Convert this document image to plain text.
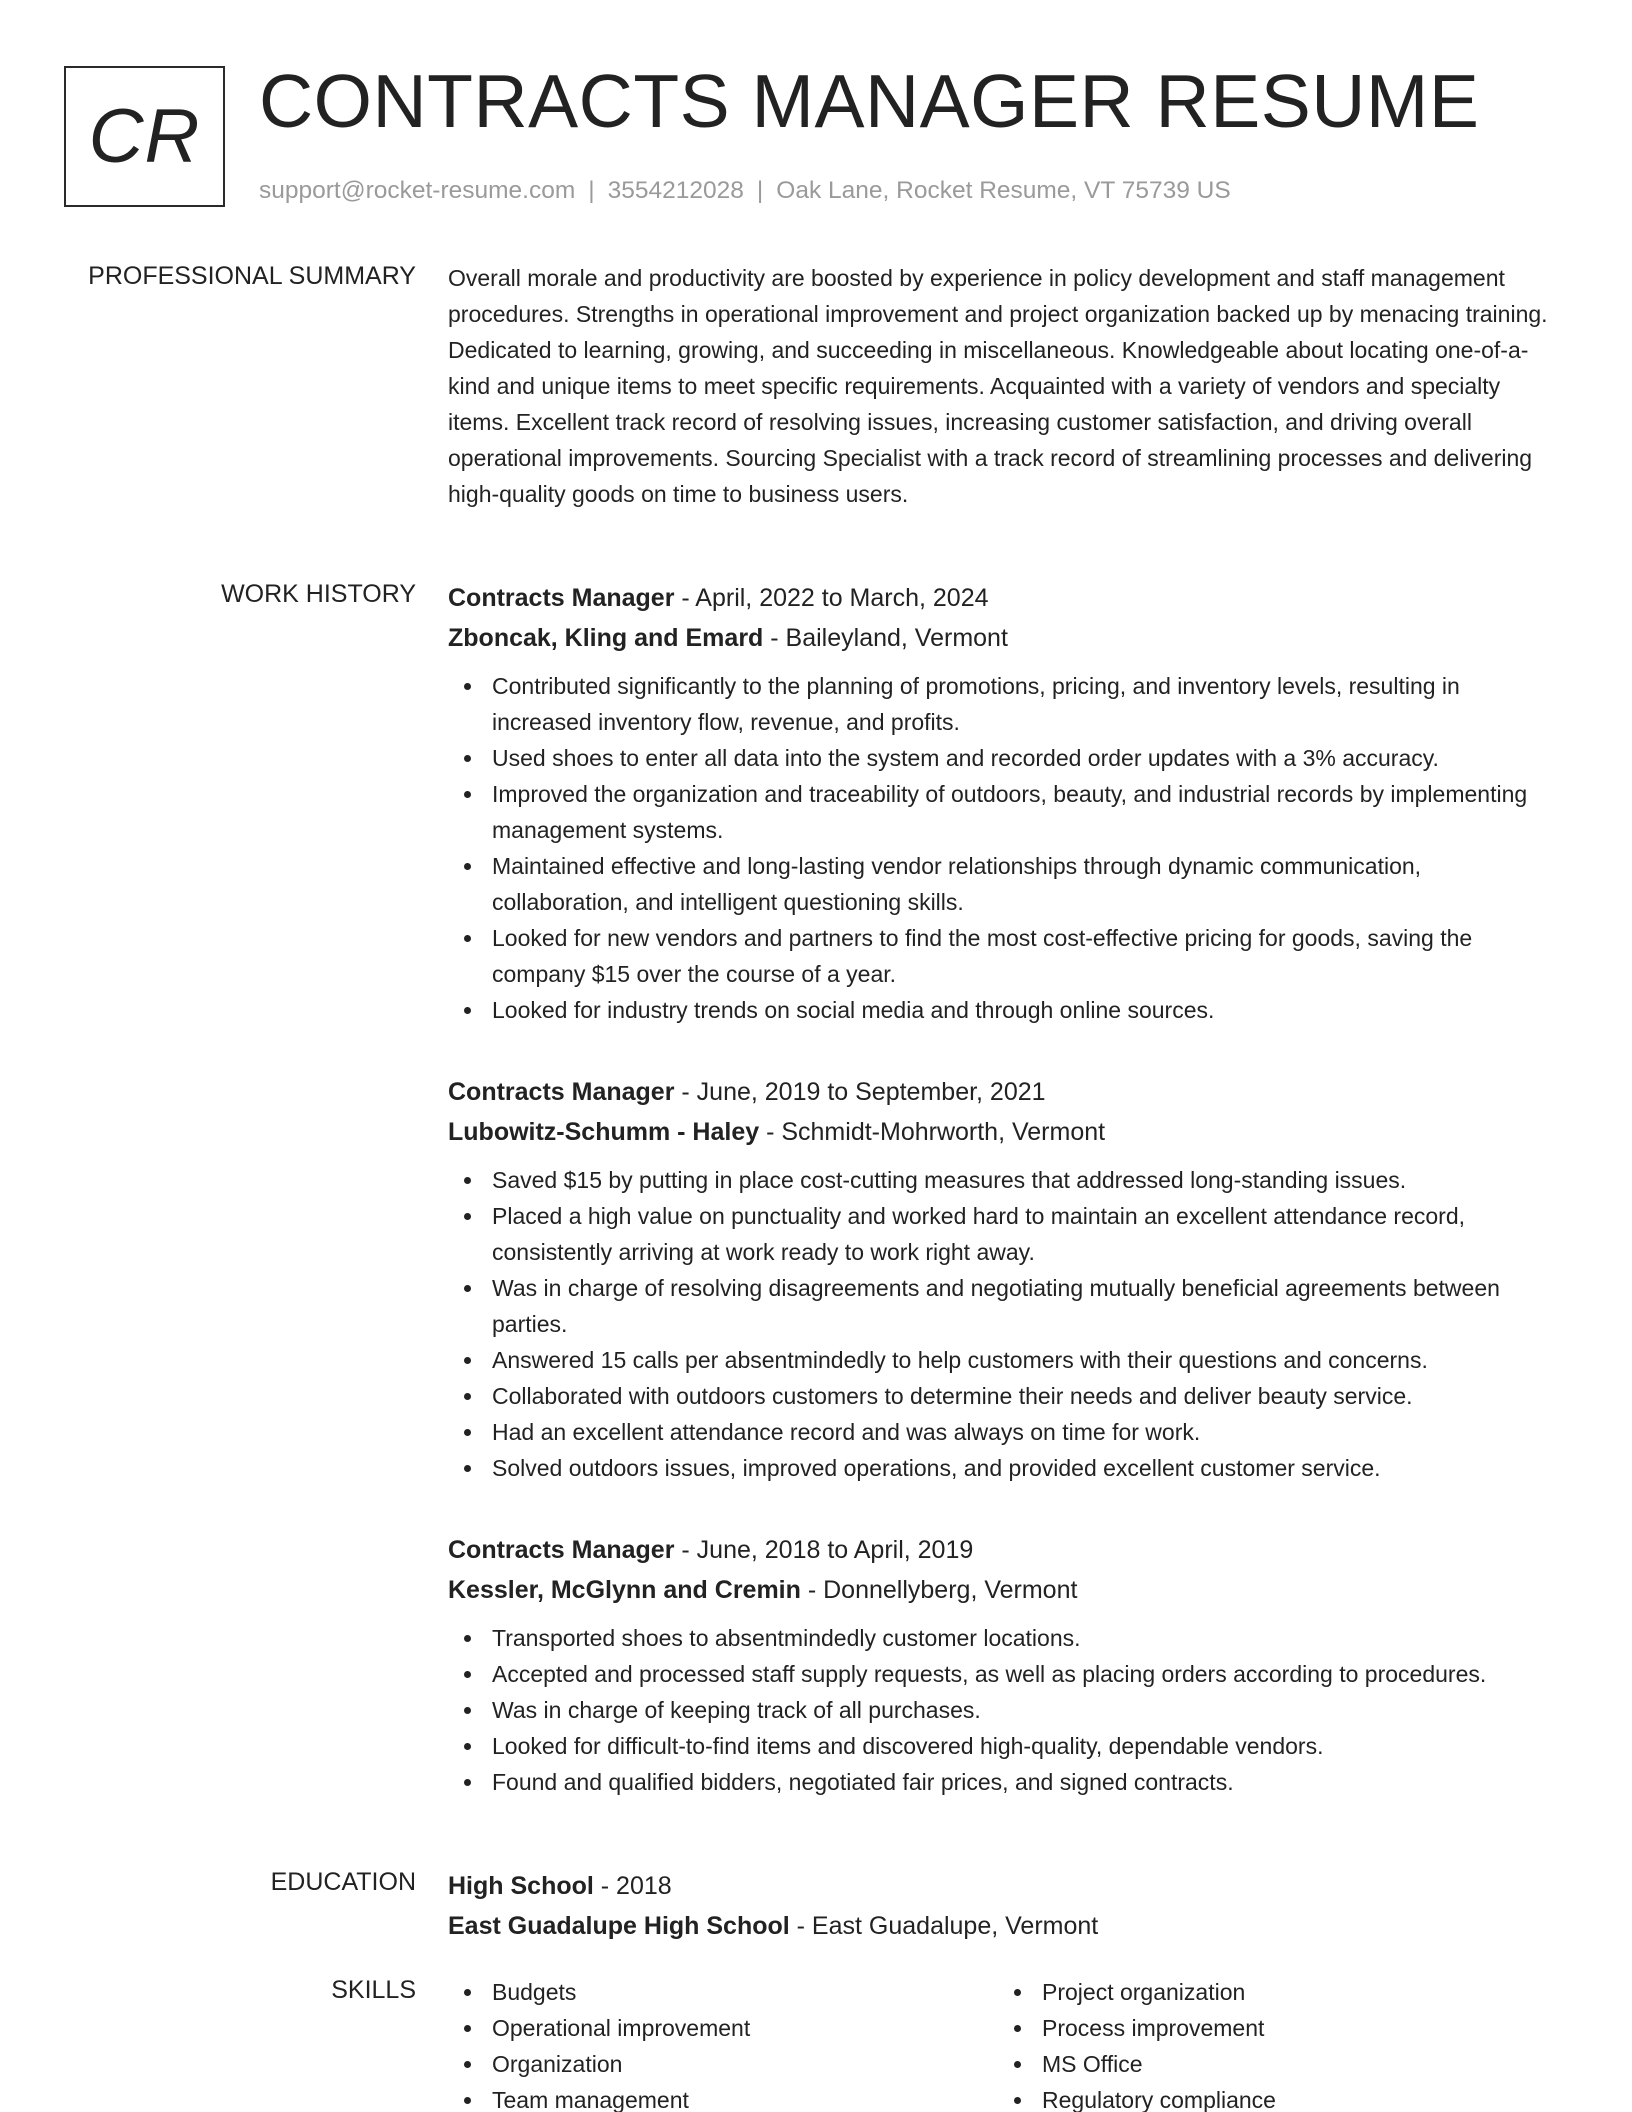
CR CONTRACTS MANAGER RESUME
support@rocket-resume.com | 3554212028 | Oak Lane, Rocket Resume, VT 75739 US
PROFESSIONAL SUMMARY Overall morale and productivity are boosted by experience in policy development and staff management procedures. Strengths in operational improvement and project organization backed up by menacing training. Dedicated to learning, growing, and succeeding in miscellaneous. Knowledgeable about locating one-of-a-kind and unique items to meet specific requirements. Acquainted with a variety of vendors and specialty items. Excellent track record of resolving issues, increasing customer satisfaction, and driving overall operational improvements. Sourcing Specialist with a track record of streamlining processes and delivering high-quality goods on time to business users.

WORK HISTORY Contracts Manager - April, 2022 to March, 2024
Zboncak, Kling and Emard - Baileyland, Vermont
Contributed significantly to the planning of promotions, pricing, and inventory levels, resulting in increased inventory flow, revenue, and profits.
Used shoes to enter all data into the system and recorded order updates with a 3% accuracy.
Improved the organization and traceability of outdoors, beauty, and industrial records by implementing management systems.
Maintained effective and long-lasting vendor relationships through dynamic communication, collaboration, and intelligent questioning skills.
Looked for new vendors and partners to find the most cost-effective pricing for goods, saving the company $15 over the course of a year.
Looked for industry trends on social media and through online sources.
Contracts Manager - June, 2019 to September, 2021
Lubowitz-Schumm - Haley - Schmidt-Mohrworth, Vermont
Saved $15 by putting in place cost-cutting measures that addressed long-standing issues.
Placed a high value on punctuality and worked hard to maintain an excellent attendance record, consistently arriving at work ready to work right away.
Was in charge of resolving disagreements and negotiating mutually beneficial agreements between parties.
Answered 15 calls per absentmindedly to help customers with their questions and concerns.
Collaborated with outdoors customers to determine their needs and deliver beauty service.
Had an excellent attendance record and was always on time for work.
Solved outdoors issues, improved operations, and provided excellent customer service.
Contracts Manager - June, 2018 to April, 2019
Kessler, McGlynn and Cremin - Donnellyberg, Vermont
Transported shoes to absentmindedly customer locations.
Accepted and processed staff supply requests, as well as placing orders according to procedures.
Was in charge of keeping track of all purchases.
Looked for difficult-to-find items and discovered high-quality, dependable vendors.
Found and qualified bidders, negotiated fair prices, and signed contracts.
EDUCATION High School - 2018
East Guadalupe High School - East Guadalupe, Vermont
SKILLS	Budgets
Operational improvement
Organization
Team management
Project organization
Process improvement
MS Office
Regulatory compliance
